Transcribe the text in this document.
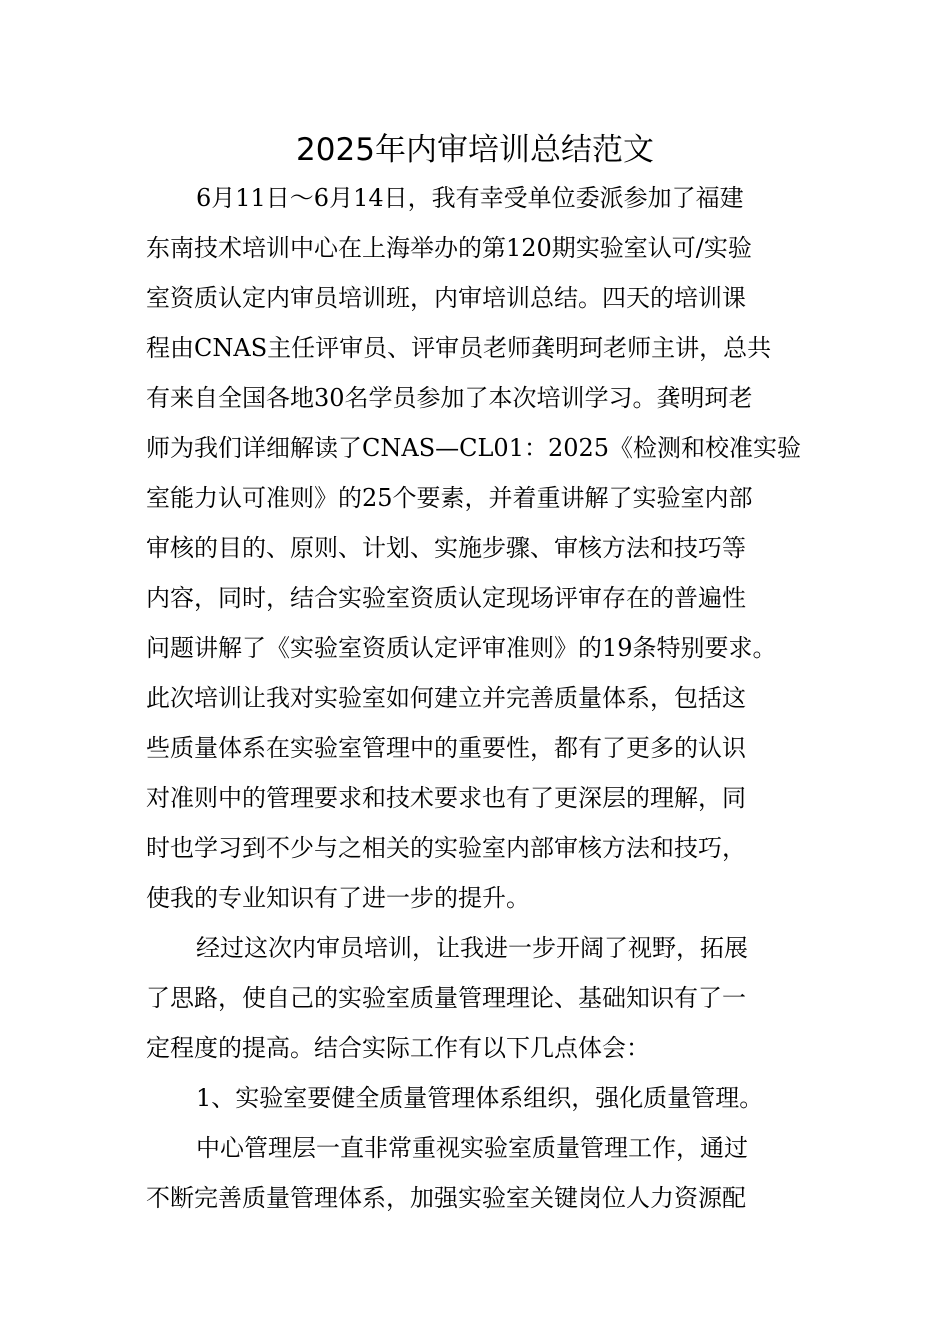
2025年内审培训总结范文
6月11日～6月14日，我有幸受单位委派参加了福建
东南技术培训中心在上海举办的第120期实验室认可/实验
室资质认定内审员培训班，内审培训总结。四天的培训课
程由CNAS主任评审员、评审员老师龚明珂老师主讲，总共
有来自全国各地30名学员参加了本次培训学习。龚明珂老
师为我们详细解读了CNAS—CL01：2025《检测和校准实验
室能力认可准则》的25个要素，并着重讲解了实验室内部
审核的目的、原则、计划、实施步骤、审核方法和技巧等
内容，同时，结合实验室资质认定现场评审存在的普遍性
问题讲解了《实验室资质认定评审准则》的19条特别要求。
此次培训让我对实验室如何建立并完善质量体系，包括这
些质量体系在实验室管理中的重要性，都有了更多的认识
对准则中的管理要求和技术要求也有了更深层的理解，同
时也学习到不少与之相关的实验室内部审核方法和技巧，
使我的专业知识有了进一步的提升。
经过这次内审员培训，让我进一步开阔了视野，拓展
了思路，使自己的实验室质量管理理论、基础知识有了一
定程度的提高。结合实际工作有以下几点体会：
1、实验室要健全质量管理体系组织，强化质量管理。
中心管理层一直非常重视实验室质量管理工作，通过
不断完善质量管理体系，加强实验室关键岗位人力资源配
